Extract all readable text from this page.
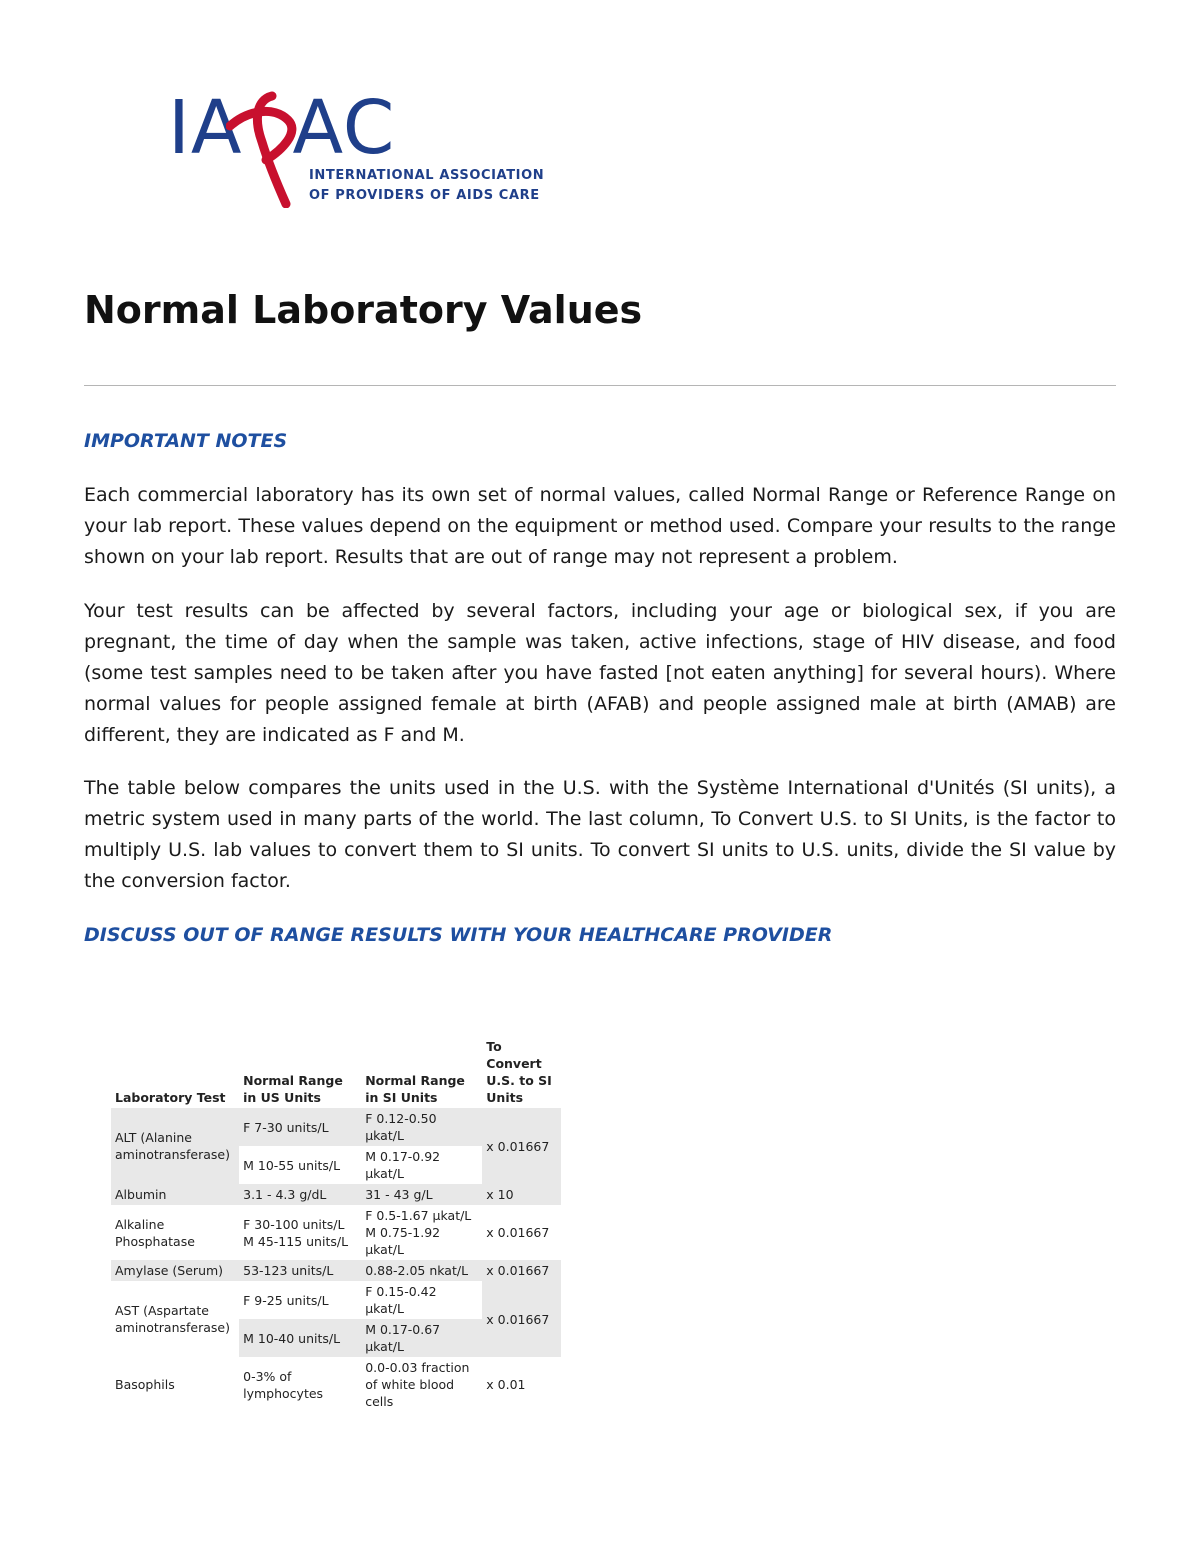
IA AC
INTERNATIONAL ASSOCIATION
OF PROVIDERS OF AIDS CARE
Normal Laboratory Values
IMPORTANT NOTES

Each commercial laboratory has its own set of normal values, called Normal Range or Reference Range on your lab report. These values depend on the equipment or method used. Compare your results to the range shown on your lab report. Results that are out of range may not represent a problem.

Your test results can be affected by several factors, including your age or biological sex, if you are pregnant, the time of day when the sample was taken, active infections, stage of HIV disease, and food (some test samples need to be taken after you have fasted [not eaten anything] for several hours). Where normal values for people assigned female at birth (AFAB) and people assigned male at birth (AMAB) are different, they are indicated as F and M.

The table below compares the units used in the U.S. with the Système International d'Unités (SI units), a metric system used in many parts of the world. The last column, To Convert U.S. to SI Units, is the factor to multiply U.S. lab values to convert them to SI units. To convert SI units to U.S. units, divide the SI value by the conversion factor.

DISCUSS OUT OF RANGE RESULTS WITH YOUR HEALTHCARE PROVIDER
Laboratory Test	Normal Range in US Units	Normal Range in SI Units	To Convert U.S. to SI Units
ALT (Alanine aminotransferase)	F 7-30 units/L	F 0.12-0.50 µkat/L	x 0.01667
	M 10-55 units/L	M 0.17-0.92 µkat/L	
Albumin	3.1 - 4.3 g/dL	31 - 43 g/L	x 10
Alkaline Phosphatase	F 30-100 units/L M 45-115 units/L	F 0.5-1.67 µkat/L M 0.75-1.92 µkat/L	x 0.01667
Amylase (Serum)	53-123 units/L	0.88-2.05 nkat/L	x 0.01667
AST (Aspartate aminotransferase)	F 9-25 units/L	F 0.15-0.42 µkat/L	x 0.01667
	M 10-40 units/L	M 0.17-0.67 µkat/L	
Basophils	0-3% of lymphocytes	0.0-0.03 fraction of white blood cells	x 0.01
